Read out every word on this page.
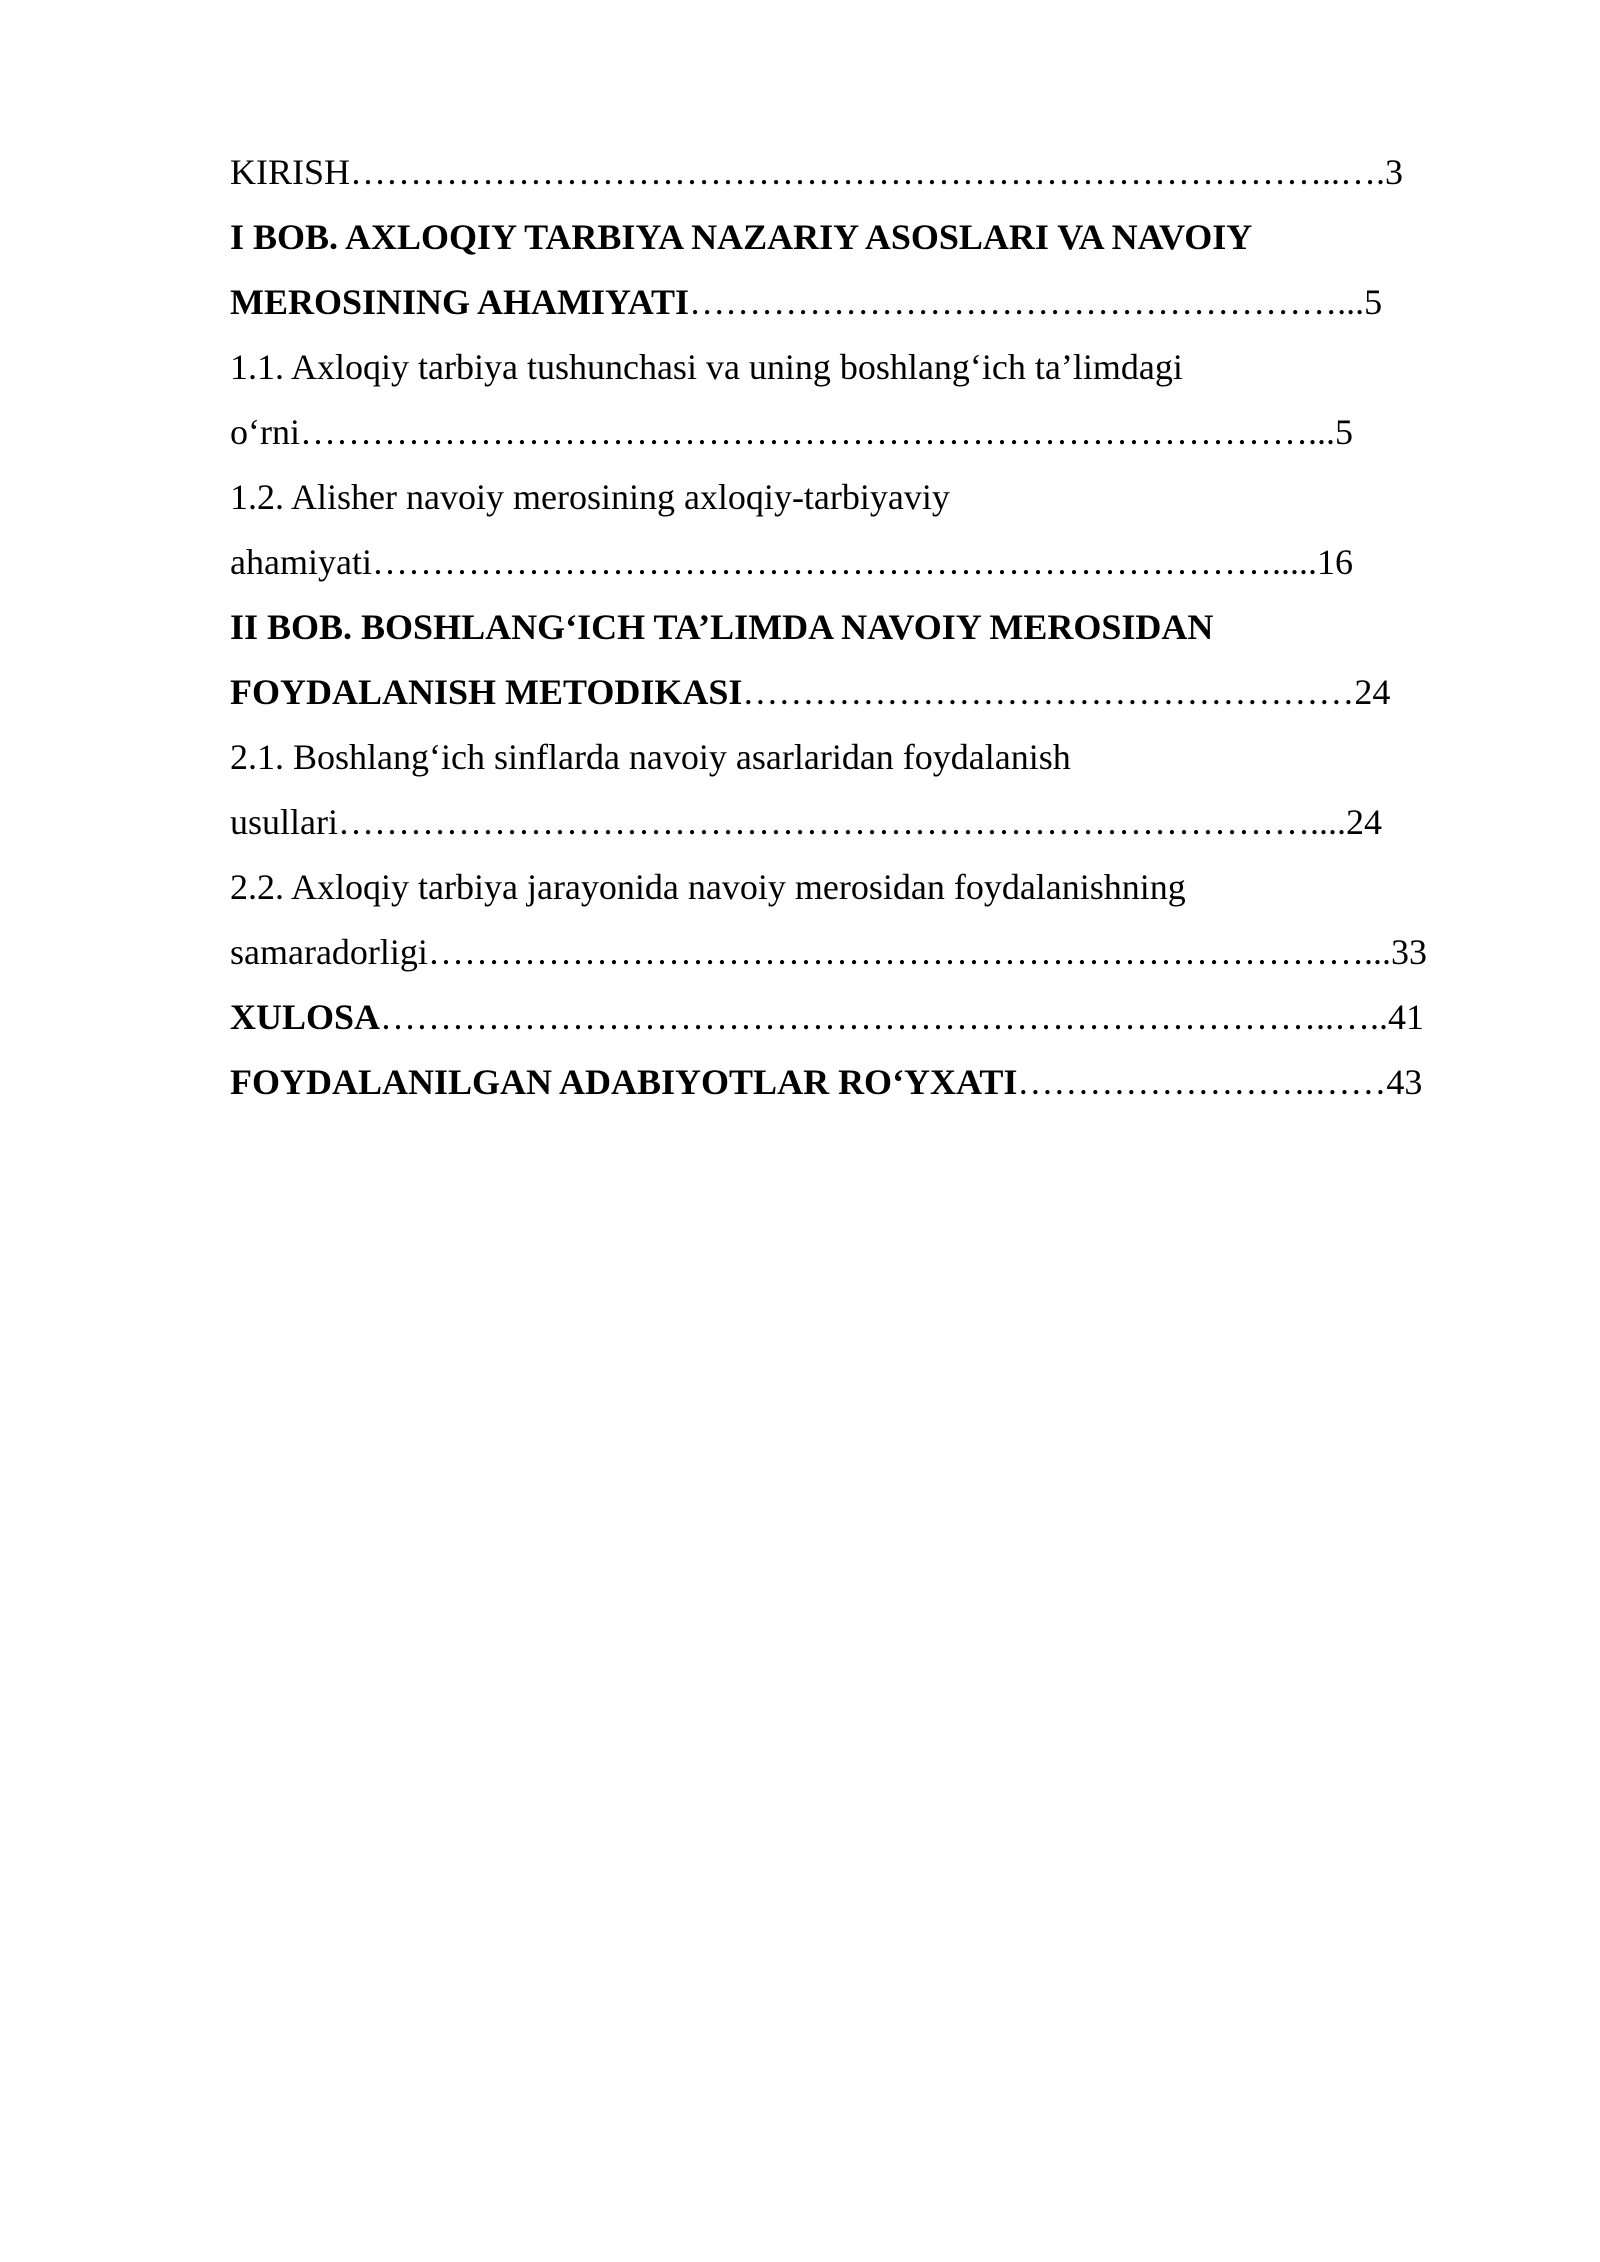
KIRISH………………………………………………………………………..….3
I BOB. AXLOQIY TARBIYA NAZARIY ASOSLARI VA NAVOIY
MEROSINING AHAMIYATI………………………………………………...5
1.1. Axloqiy tarbiya tushunchasi va uning boshlang‘ich ta’limdagi
o‘rni…………………………………………………………………………...5
1.2. Alisher navoiy merosining axloqiy-tarbiyaviy
ahamiyati………………………………………………………………….....16
II BOB. BOSHLANG‘ICH TA’LIMDA NAVOIY MEROSIDAN
FOYDALANISH METODIKASI……………………………………………24
2.1. Boshlang‘ich sinflarda navoiy asarlaridan foydalanish
usullari………………………………………………………………………....24
2.2. Axloqiy tarbiya jarayonida navoiy merosidan foydalanishning
samaradorligi……………………………………………………………………...33
XULOSA……………………………………………………………………..…..41
FOYDALANILGAN ADABIYOTLAR RO‘YXATI…………………….……43
